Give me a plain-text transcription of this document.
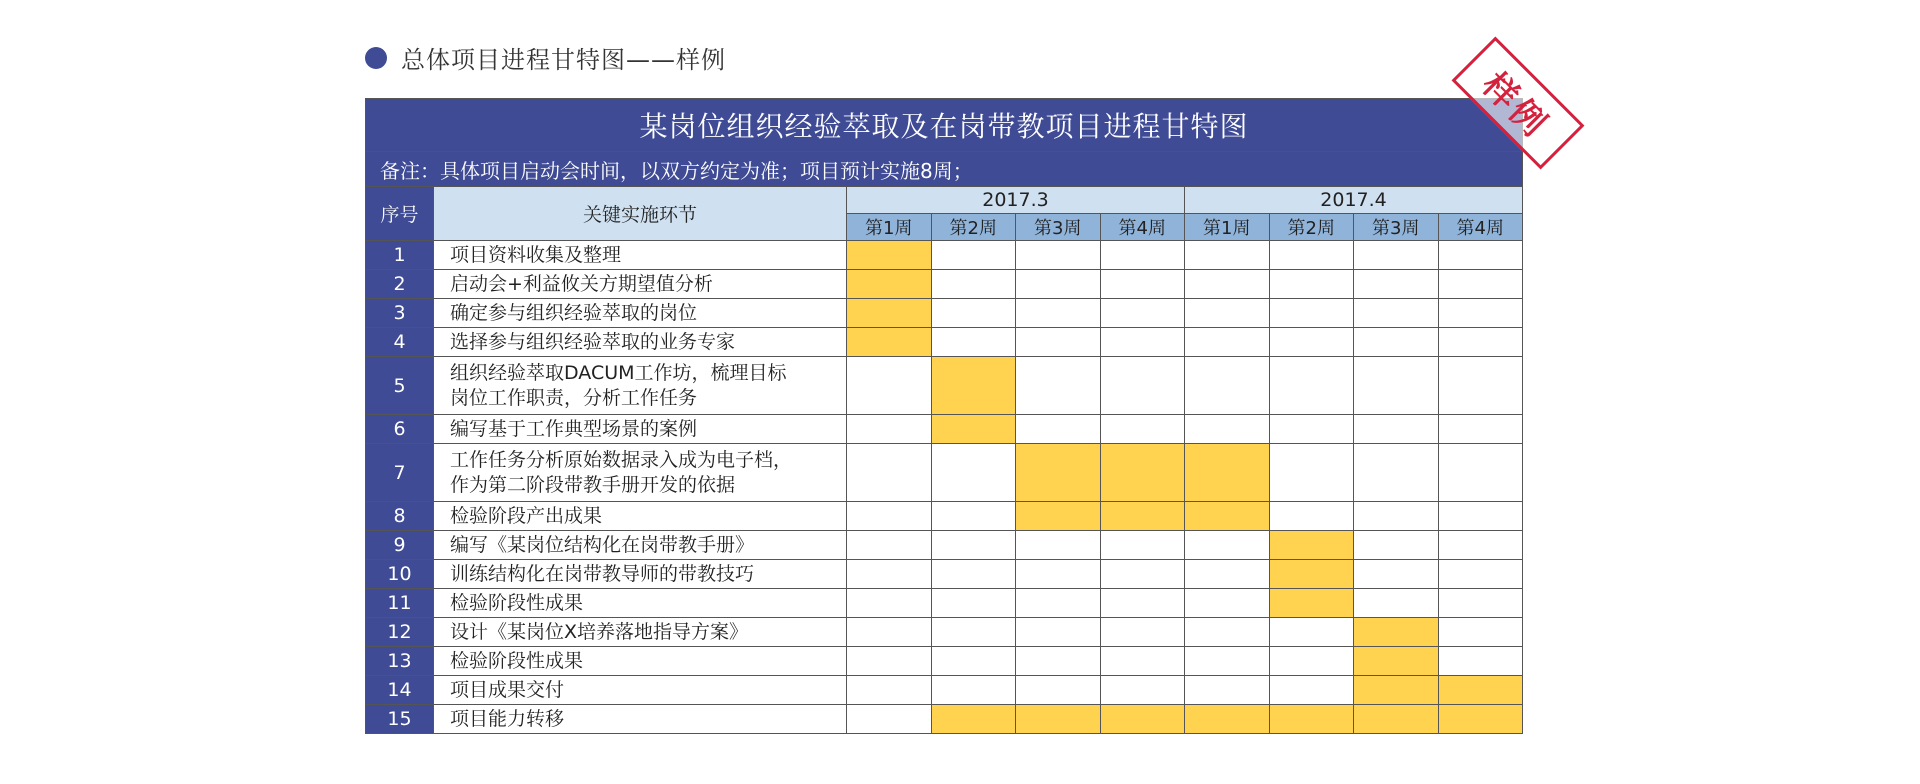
总体项目进程甘特图——样例
某岗位组织经验萃取及在岗带教项目进程甘特图									
备注：具体项目启动会时间，以双方约定为准；项目预计实施8周；									
序号	关键实施环节	2017.3				2017.4			
		第1周	第2周	第3周	第4周	第1周	第2周	第3周	第4周
1	项目资料收集及整理								

2	启动会+利益攸关方期望值分析								

3	确定参与组织经验萃取的岗位								

4	选择参与组织经验萃取的业务专家								

5	组织经验萃取DACUM工作坊，梳理目标
岗位工作职责，分析工作任务								

6	编写基于工作典型场景的案例								

7	工作任务分析原始数据录入成为电子档，
作为第二阶段带教手册开发的依据								

8	检验阶段产出成果								

9	编写《某岗位结构化在岗带教手册》								

10	训练结构化在岗带教导师的带教技巧								

11	检验阶段性成果								

12	设计《某岗位X培养落地指导方案》								

13	检验阶段性成果								

14	项目成果交付								

15	项目能力转移								

样例
